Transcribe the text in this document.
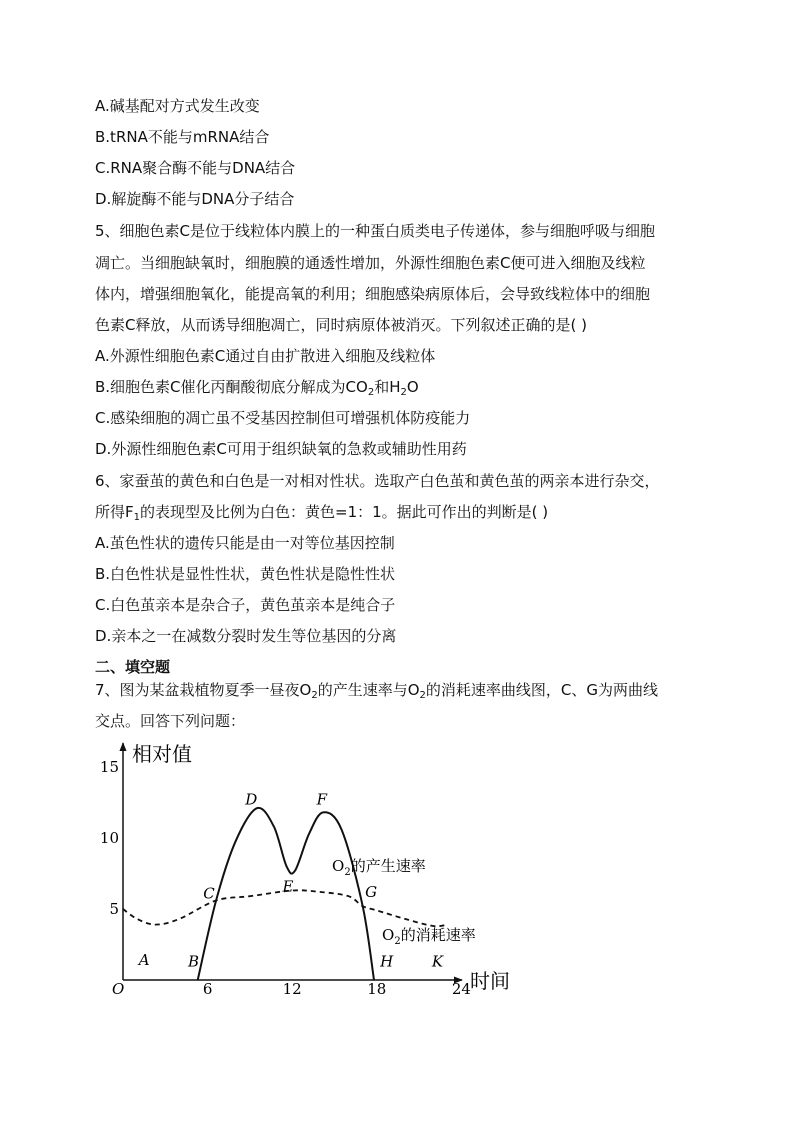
A.碱基配对方式发生改变
B.tRNA不能与mRNA结合
C.RNA聚合酶不能与DNA结合
D.解旋酶不能与DNA分子结合
5、细胞色素C是位于线粒体内膜上的一种蛋白质类电子传递体，参与细胞呼吸与细胞
凋亡。当细胞缺氧时，细胞膜的通透性增加，外源性细胞色素C便可进入细胞及线粒
体内，增强细胞氧化，能提高氧的利用；细胞感染病原体后，会导致线粒体中的细胞
色素C释放，从而诱导细胞凋亡，同时病原体被消灭。下列叙述正确的是( )
A.外源性细胞色素C通过自由扩散进入细胞及线粒体
B.细胞色素C催化丙酮酸彻底分解成为$CO_2$和$H_2O$
C.感染细胞的凋亡虽不受基因控制但可增强机体防疫能力
D.外源性细胞色素C可用于组织缺氧的急救或辅助性用药
6、家蚕茧的黄色和白色是一对相对性状。选取产白色茧和黄色茧的两亲本进行杂交，
所得$F_1$的表现型及比例为白色：黄色=1：1。据此可作出的判断是( )
A.茧色性状的遗传只能是由一对等位基因控制
B.白色性状是显性性状，黄色性状是隐性性状
C.白色茧亲本是杂合子，黄色茧亲本是纯合子
D.亲本之一在减数分裂时发生等位基因的分离
二、填空题
7、图为某盆栽植物夏季一昼夜$O_2$的产生速率与$O_2$的消耗速率曲线图，C、G为两曲线
交点。回答下列问题：
相对值
时间
O	6	12	18	24
5
10
15
A	B
C
D
E
F
G
H	K
$O_2$的产生速率
$O_2$的消耗速率
